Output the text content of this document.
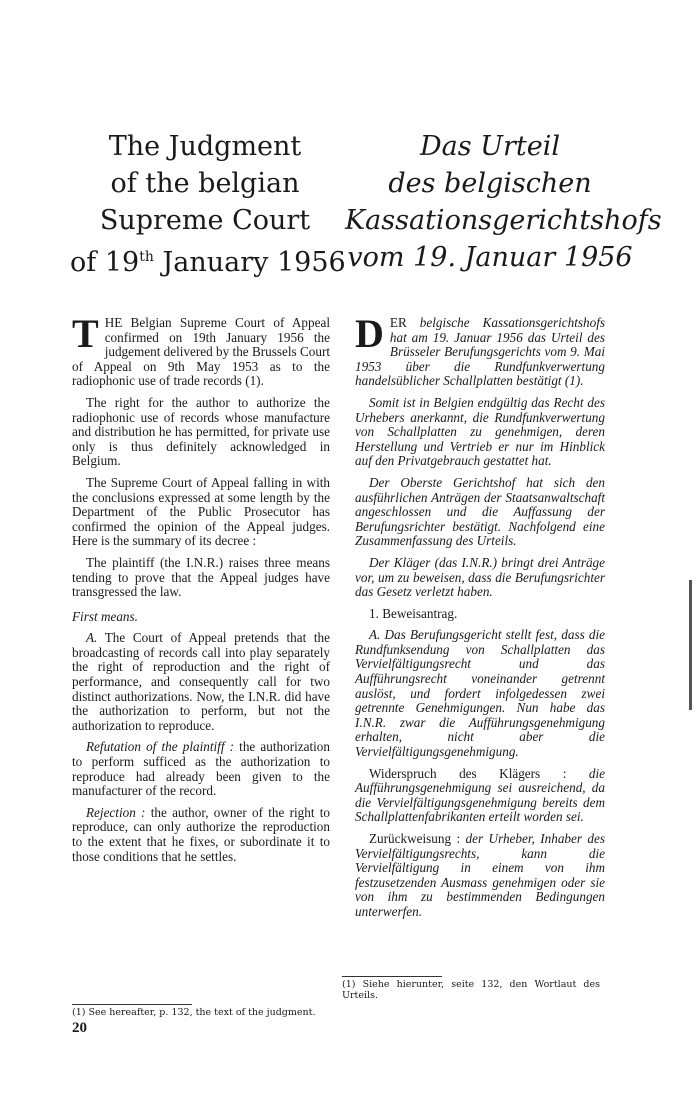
The Judgment
of the belgian
Supreme Court
of 19th January 1956
Das Urteil
des belgischen
Kassationsgerichtshofs
vom 19. Januar 1956

THE Belgian Supreme Court of Appeal confirmed on 19th January 1956 the judgement delivered by the Brussels Court of Appeal on 9th May 1953 as to the radiophonic use of trade records (1).

The right for the author to authorize the radiophonic use of records whose manufacture and distribution he has permitted, for private use only is thus definitely acknowledged in Belgium.

The Supreme Court of Appeal falling in with the conclusions expressed at some length by the Department of the Public Prosecutor has confirmed the opinion of the Appeal judges. Here is the summary of its decree :

The plaintiff (the I.N.R.) raises three means tending to prove that the Appeal judges have transgressed the law.

First means.

A. The Court of Appeal pretends that the broadcasting of records call into play separately the right of reproduction and the right of performance, and consequently call for two distinct authorizations. Now, the I.N.R. did have the authorization to perform, but not the authorization to reproduce.

Refutation of the plaintiff : the authorization to perform sufficed as the authorization to reproduce had already been given to the manufacturer of the record.

Rejection : the author, owner of the right to reproduce, can only authorize the reproduction to the extent that he fixes, or subordinate it to those conditions that he settles.

DER belgische Kassationsgerichtshofs hat am 19. Januar 1956 das Urteil des Brüsseler Berufungsgerichts vom 9. Mai 1953 über die Rundfunkverwertung handelsüblicher Schallplatten bestätigt (1).

Somit ist in Belgien endgültig das Recht des Urhebers anerkannt, die Rundfunkverwertung von Schallplatten zu genehmigen, deren Herstellung und Vertrieb er nur im Hinblick auf den Privatgebrauch gestattet hat.

Der Oberste Gerichtshof hat sich den ausführlichen Anträgen der Staatsanwaltschaft angeschlossen und die Auffassung der Berufungsrichter bestätigt. Nachfolgend eine Zusammenfassung des Urteils.

Der Kläger (das I.N.R.) bringt drei Anträge vor, um zu beweisen, dass die Berufungsrichter das Gesetz verletzt haben.

1. Beweisantrag.

A. Das Berufungsgericht stellt fest, dass die Rundfunksendung von Schallplatten das Vervielfältigungsrecht und das Aufführungsrecht voneinander getrennt auslöst, und fordert infolgedessen zwei getrennte Genehmigungen. Nun habe das I.N.R. zwar die Aufführungsgenehmigung erhalten, nicht aber die Vervielfältigungsgenehmigung.

Widerspruch des Klägers : die Aufführungsgenehmigung sei ausreichend, da die Vervielfältigungsgenehmigung bereits dem Schallplattenfabrikanten erteilt worden sei.

Zurückweisung : der Urheber, Inhaber des Vervielfältigungsrechts, kann die Vervielfältigung in einem von ihm festzusetzenden Ausmass genehmigen oder sie von ihm zu bestimmenden Bedingungen unterwerfen.

(1) See hereafter, p. 132, the text of the judgment.
(1) Siehe hierunter, seite 132, den Wortlaut des Urteils.
20
